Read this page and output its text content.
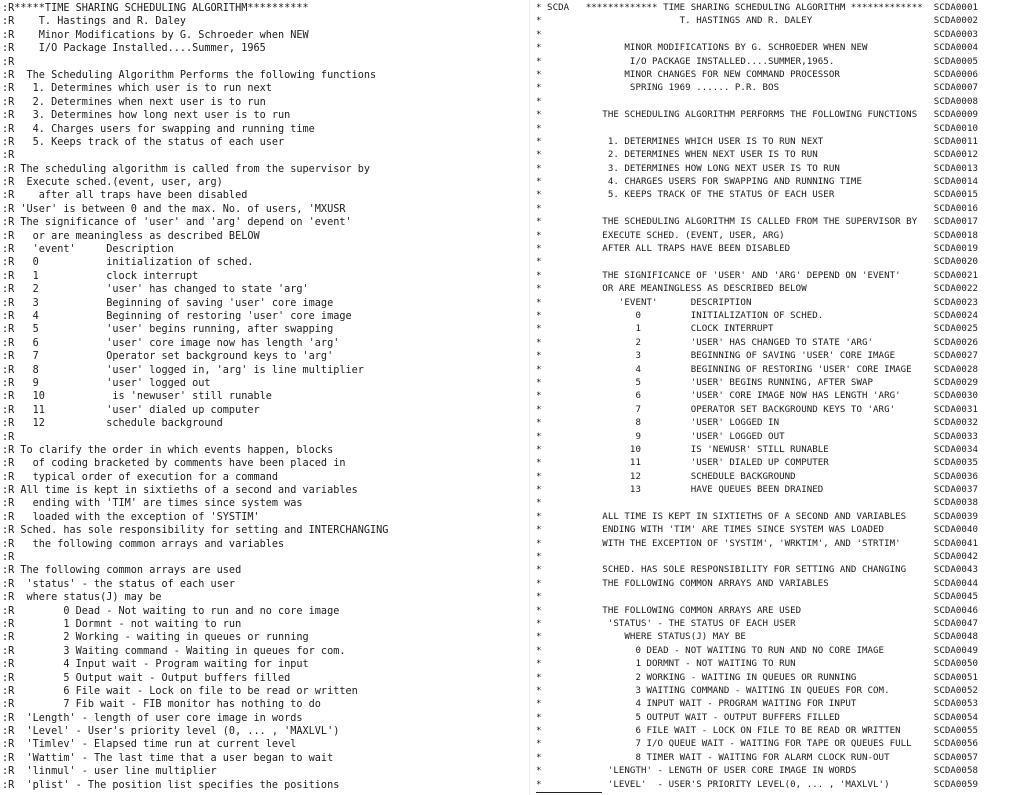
:R*****TIME SHARING SCHEDULING ALGORITHM**********
:R    T. Hastings and R. Daley
:R    Minor Modifications by G. Schroeder when NEW
:R    I/O Package Installed....Summer, 1965
:R
:R  The Scheduling Algorithm Performs the following functions
:R   1. Determines which user is to run next
:R   2. Determines when next user is to run
:R   3. Determines how long next user is to run
:R   4. Charges users for swapping and running time
:R   5. Keeps track of the status of each user
:R
:R The scheduling algorithm is called from the supervisor by
:R  Execute sched.(event, user, arg)
:R    after all traps have been disabled
:R 'User' is between 0 and the max. No. of users, 'MXUSR
:R The significance of 'user' and 'arg' depend on 'event'
:R   or are meaningless as described BELOW
:R   'event'     Description
:R   0           initialization of sched.
:R   1           clock interrupt
:R   2           'user' has changed to state 'arg'
:R   3           Beginning of saving 'user' core image
:R   4           Beginning of restoring 'user' core image
:R   5           'user' begins running, after swapping
:R   6           'user' core image now has length 'arg'
:R   7           Operator set background keys to 'arg'
:R   8           'user' logged in, 'arg' is line multiplier
:R   9           'user' logged out
:R   10           is 'newuser' still runable
:R   11          'user' dialed up computer
:R   12          schedule background
:R
:R To clarify the order in which events happen, blocks
:R   of coding bracketed by comments have been placed in
:R   typical order of execution for a command
:R All time is kept in sixtieths of a second and variables
:R   ending with 'TIM' are times since system was
:R   loaded with the exception of 'SYSTIM'
:R Sched. has sole responsibility for setting and INTERCHANGING
:R   the following common arrays and variables
:R
:R The following common arrays are used
:R  'status' - the status of each user
:R  where status(J) may be
:R        0 Dead - Not waiting to run and no core image
:R        1 Dormnt - not waiting to run
:R        2 Working - waiting in queues or running
:R        3 Waiting command - Waiting in queues for com.
:R        4 Input wait - Program waiting for input
:R        5 Output wait - Output buffers filled
:R        6 File wait - Lock on file to be read or written
:R        7 Fib wait - FIB monitor has nothing to do
:R  'Length' - length of user core image in words
:R  'Level' - User's priority level (0, ... , 'MAXLVL')
:R  'Timlev' - Elapsed time run at current level
:R  'Wattim' - The last time that a user began to wait
:R  'linmul' - user line multiplier
:R  'plist' - The position list specifies the positions
* SCDA   ************* TIME SHARING SCHEDULING ALGORITHM *************  SCDA0001
*                         T. HASTINGS AND R. DALEY                      SCDA0002
*                                                                       SCDA0003
*               MINOR MODIFICATIONS BY G. SCHROEDER WHEN NEW            SCDA0004
*                I/O PACKAGE INSTALLED....SUMMER,1965.                  SCDA0005
*               MINOR CHANGES FOR NEW COMMAND PROCESSOR                 SCDA0006
*                SPRING 1969 ...... P.R. BOS                            SCDA0007
*                                                                       SCDA0008
*           THE SCHEDULING ALGORITHM PERFORMS THE FOLLOWING FUNCTIONS   SCDA0009
*                                                                       SCDA0010
*            1. DETERMINES WHICH USER IS TO RUN NEXT                    SCDA0011
*            2. DETERMINES WHEN NEXT USER IS TO RUN                     SCDA0012
*            3. DETERMINES HOW LONG NEXT USER IS TO RUN                 SCDA0013
*            4. CHARGES USERS FOR SWAPPING AND RUNNING TIME             SCDA0014
*            5. KEEPS TRACK OF THE STATUS OF EACH USER                  SCDA0015
*                                                                       SCDA0016
*           THE SCHEDULING ALGORITHM IS CALLED FROM THE SUPERVISOR BY   SCDA0017
*           EXECUTE SCHED. (EVENT, USER, ARG)                           SCDA0018
*           AFTER ALL TRAPS HAVE BEEN DISABLED                          SCDA0019
*                                                                       SCDA0020
*           THE SIGNIFICANCE OF 'USER' AND 'ARG' DEPEND ON 'EVENT'      SCDA0021
*           OR ARE MEANINGLESS AS DESCRIBED BELOW                       SCDA0022
*              'EVENT'      DESCRIPTION                                 SCDA0023
*                 0         INITIALIZATION OF SCHED.                    SCDA0024
*                 1         CLOCK INTERRUPT                             SCDA0025
*                 2         'USER' HAS CHANGED TO STATE 'ARG'           SCDA0026
*                 3         BEGINNING OF SAVING 'USER' CORE IMAGE       SCDA0027
*                 4         BEGINNING OF RESTORING 'USER' CORE IMAGE    SCDA0028
*                 5         'USER' BEGINS RUNNING, AFTER SWAP           SCDA0029
*                 6         'USER' CORE IMAGE NOW HAS LENGTH 'ARG'      SCDA0030
*                 7         OPERATOR SET BACKGROUND KEYS TO 'ARG'       SCDA0031
*                 8         'USER' LOGGED IN                            SCDA0032
*                 9         'USER' LOGGED OUT                           SCDA0033
*                10         IS 'NEWUSR' STILL RUNABLE                   SCDA0034
*                11         'USER' DIALED UP COMPUTER                   SCDA0035
*                12         SCHEDULE BACKGROUND                         SCDA0036
*                13         HAVE QUEUES BEEN DRAINED                    SCDA0037
*                                                                       SCDA0038
*           ALL TIME IS KEPT IN SIXTIETHS OF A SECOND AND VARIABLES     SCDA0039
*           ENDING WITH 'TIM' ARE TIMES SINCE SYSTEM WAS LOADED         SCDA0040
*           WITH THE EXCEPTION OF 'SYSTIM', 'WRKTIM', AND 'STRTIM'      SCDA0041
*                                                                       SCDA0042
*           SCHED. HAS SOLE RESPONSIBILITY FOR SETTING AND CHANGING     SCDA0043
*           THE FOLLOWING COMMON ARRAYS AND VARIABLES                   SCDA0044
*                                                                       SCDA0045
*           THE FOLLOWING COMMON ARRAYS ARE USED                        SCDA0046
*            'STATUS' - THE STATUS OF EACH USER                         SCDA0047
*               WHERE STATUS(J) MAY BE                                  SCDA0048
*                 0 DEAD - NOT WAITING TO RUN AND NO CORE IMAGE         SCDA0049
*                 1 DORMNT - NOT WAITING TO RUN                         SCDA0050
*                 2 WORKING - WAITING IN QUEUES OR RUNNING              SCDA0051
*                 3 WAITING COMMAND - WAITING IN QUEUES FOR COM.        SCDA0052
*                 4 INPUT WAIT - PROGRAM WAITING FOR INPUT              SCDA0053
*                 5 OUTPUT WAIT - OUTPUT BUFFERS FILLED                 SCDA0054
*                 6 FILE WAIT - LOCK ON FILE TO BE READ OR WRITTEN      SCDA0055
*                 7 I/O QUEUE WAIT - WAITING FOR TAPE OR QUEUES FULL    SCDA0056
*                 8 TIMER WAIT - WAITING FOR ALARM CLOCK RUN-OUT        SCDA0057
*            'LENGTH' - LENGTH OF USER CORE IMAGE IN WORDS              SCDA0058
*            'LEVEL'  - USER'S PRIORITY LEVEL(0, ... , 'MAXLVL')        SCDA0059
